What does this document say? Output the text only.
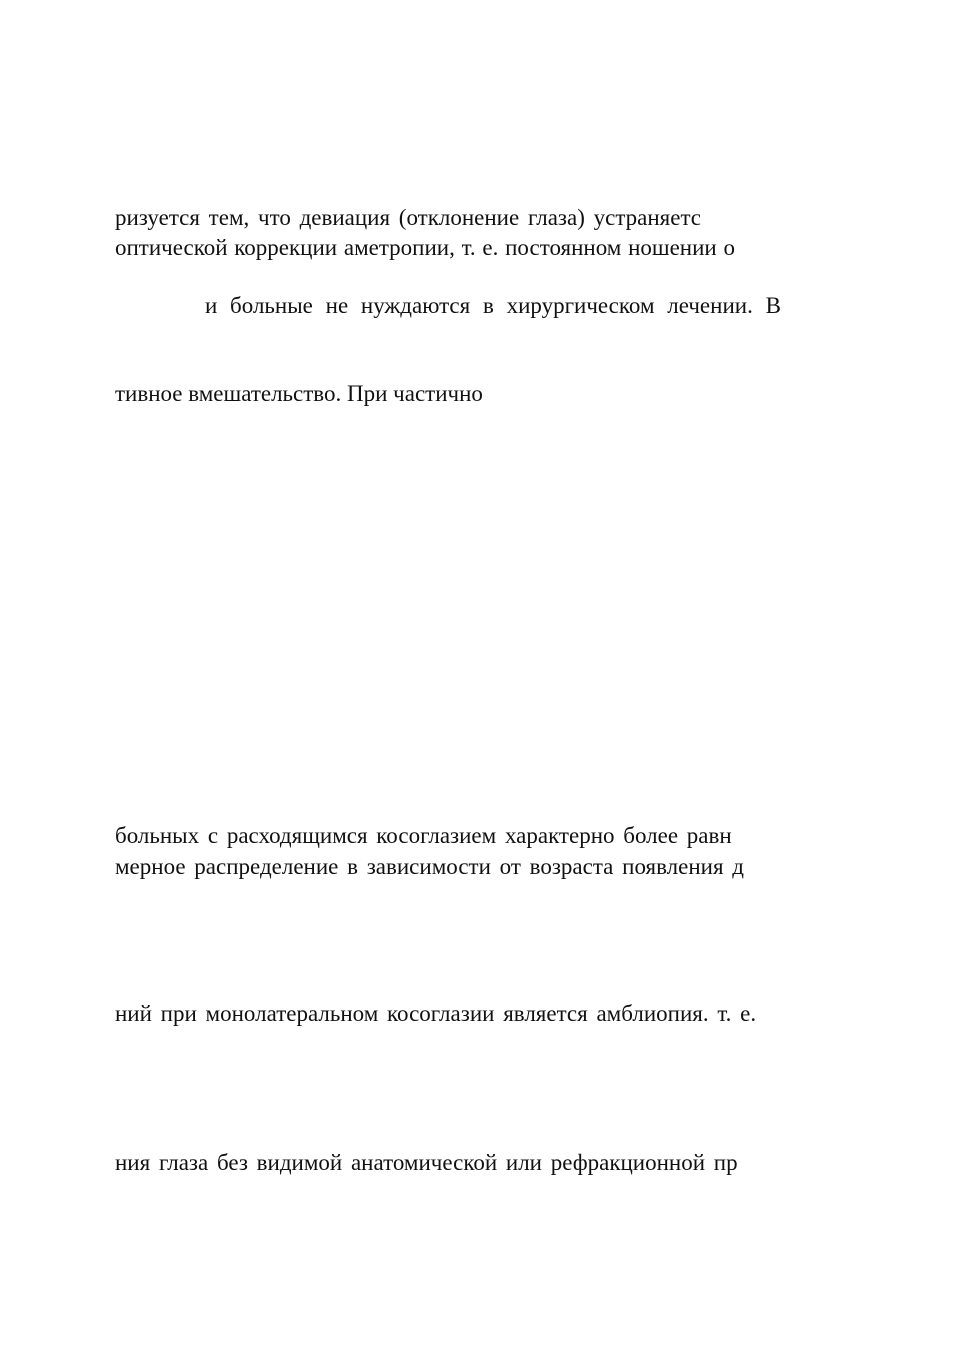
ризуется тем, что девиация (отклонение глаза) устраняетс
оптической коррекции аметропии, т. е. постоянном ношении о
и больные не нуждаются в хирургическом лечении. В
тивное вмешательство. При частично
больных с расходящимся косоглазием характерно более равн
мерное распределение в зависимости от возраста появления д
ний при монолатеральном косоглазии является амблиопия. т. е.
ния глаза без видимой анатомической или рефракционной пр
